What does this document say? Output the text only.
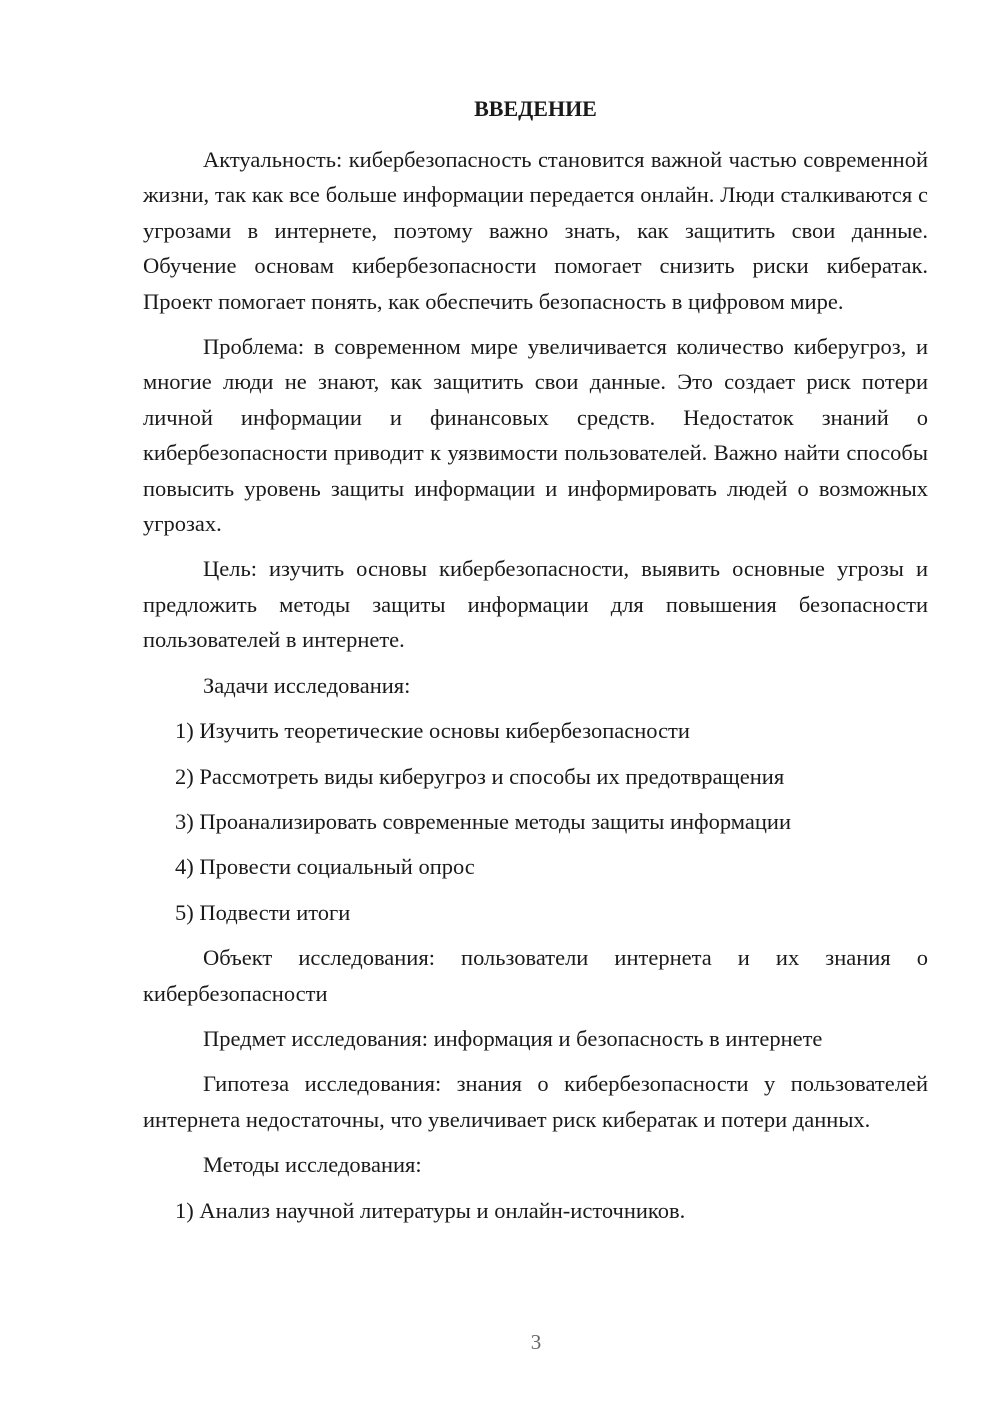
ВВЕДЕНИЕ

Актуальность: кибербезопасность становится важной частью современной жизни, так как все больше информации передается онлайн. Люди сталкиваются с угрозами в интернете, поэтому важно знать, как защитить свои данные. Обучение основам кибербезопасности помогает снизить риски кибератак. Проект помогает понять, как обеспечить безопасность в цифровом мире.

Проблема: в современном мире увеличивается количество киберугроз, и многие люди не знают, как защитить свои данные. Это создает риск потери личной информации и финансовых средств. Недостаток знаний о кибербезопасности приводит к уязвимости пользователей. Важно найти способы повысить уровень защиты информации и информировать людей о возможных угрозах.

Цель: изучить основы кибербезопасности, выявить основные угрозы и предложить методы защиты информации для повышения безопасности пользователей в интернете.

Задачи исследования:

1) Изучить теоретические основы кибербезопасности

2) Рассмотреть виды киберугроз и способы их предотвращения

3) Проанализировать современные методы защиты информации

4) Провести социальный опрос

5) Подвести итоги

Объект исследования: пользователи интернета и их знания о кибербезопасности

Предмет исследования: информация и безопасность в интернете

Гипотеза исследования: знания о кибербезопасности у пользователей интернета недостаточны, что увеличивает риск кибератак и потери данных.

Методы исследования:

1) Анализ научной литературы и онлайн-источников.

3
